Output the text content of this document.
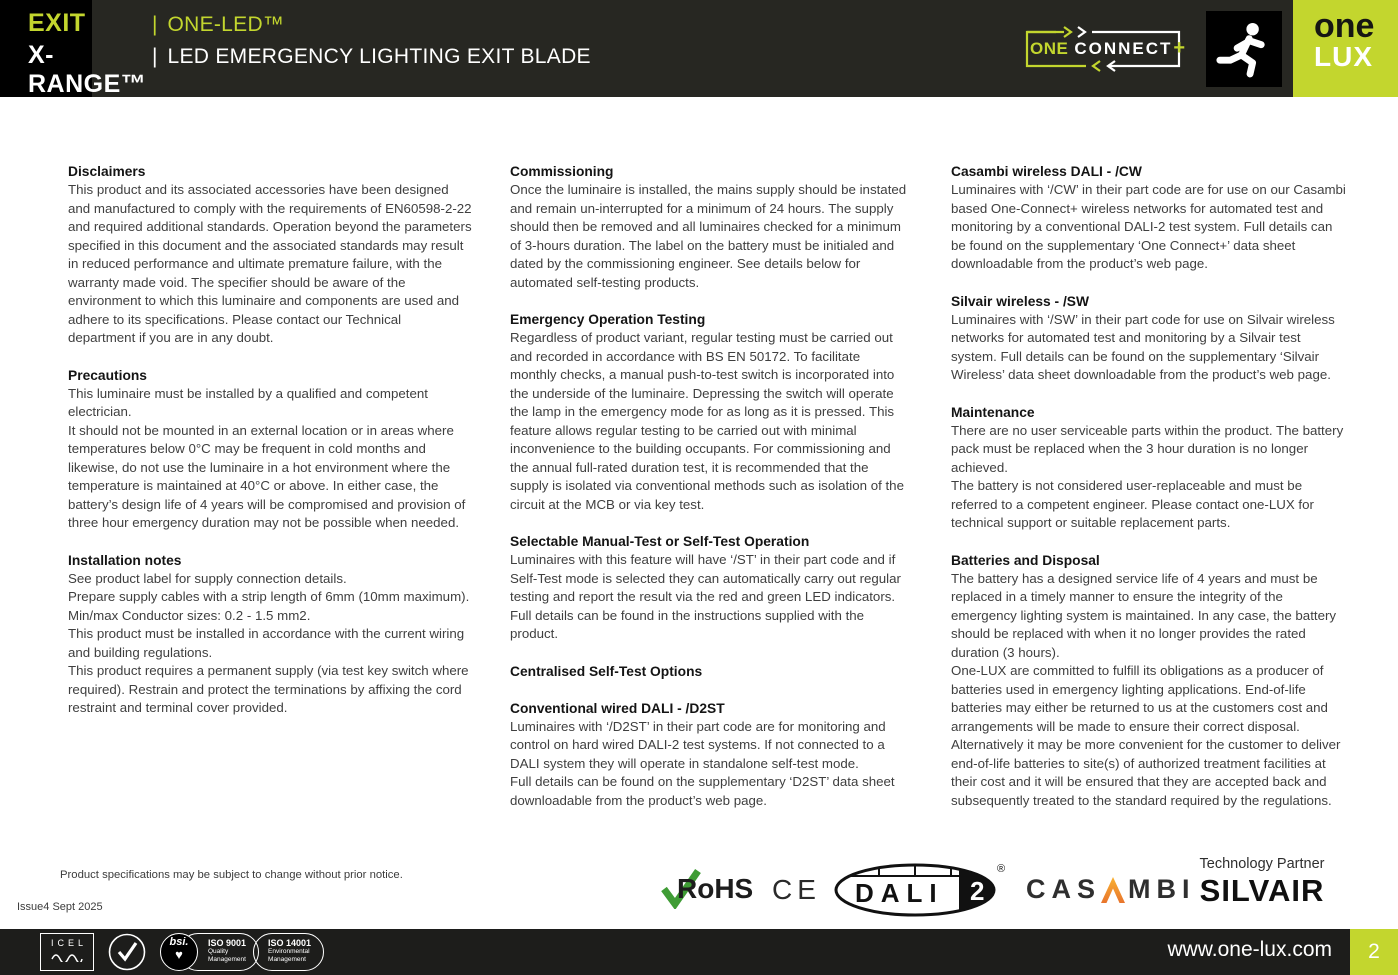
EXIT	| ONE-LED™
X-RANGE™
| LED EMERGENCY LIGHTING EXIT BLADE	ONE CONNECT +
one
LUX
Disclaimers

This product and its associated accessories have been designed and manufactured to comply with the requirements of EN60598-2-22 and required additional standards. Operation beyond the parameters specified in this document and the associated standards may result in reduced performance and ultimate premature failure, with the warranty made void. The specifier should be aware of the environment to which this luminaire and components are used and adhere to its specifications. Please contact our Technical department if you are in any doubt.

Precautions

This luminaire must be installed by a qualified and competent electrician.

It should not be mounted in an external location or in areas where temperatures below 0°C may be frequent in cold months and likewise, do not use the luminaire in a hot environment where the temperature is maintained at 40°C or above. In either case, the battery’s design life of 4 years will be compromised and provision of three hour emergency duration may not be possible when needed.

Installation notes

See product label for supply connection details.

Prepare supply cables with a strip length of 6mm (10mm maximum).

Min/max Conductor sizes: 0.2 - 1.5 mm2.

This product must be installed in accordance with the current wiring and building regulations.

This product requires a permanent supply (via test key switch where required). Restrain and protect the terminations by affixing the cord restraint and terminal cover provided.

Commissioning

Once the luminaire is installed, the mains supply should be instated and remain un-interrupted for a minimum of 24 hours. The supply should then be removed and all luminaires checked for a minimum of 3-hours duration. The label on the battery must be initialed and dated by the commissioning engineer. See details below for automated self-testing products.

Emergency Operation Testing

Regardless of product variant, regular testing must be carried out and recorded in accordance with BS EN 50172. To facilitate monthly checks, a manual push-to-test switch is incorporated into the underside of the luminaire. Depressing the switch will operate the lamp in the emergency mode for as long as it is pressed. This feature allows regular testing to be carried out with minimal inconvenience to the building occupants. For commissioning and the annual full-rated duration test, it is recommended that the supply is isolated via conventional methods such as isolation of the circuit at the MCB or via key test.

Selectable Manual-Test or Self-Test Operation

Luminaires with this feature will have ‘/ST’ in their part code and if Self-Test mode is selected they can automatically carry out regular testing and report the result via the red and green LED indicators. Full details can be found in the instructions supplied with the product.

Centralised Self-Test Options
Conventional wired DALI - /D2ST

Luminaires with ‘/D2ST’ in their part code are for monitoring and control on hard wired DALI-2 test systems. If not connected to a DALI system they will operate in standalone self-test mode.

Full details can be found on the supplementary ‘D2ST’ data sheet downloadable from the product’s web page.

Casambi wireless DALI - /CW

Luminaires with ‘/CW’ in their part code are for use on our Casambi based One-Connect+ wireless networks for automated test and monitoring by a conventional DALI-2 test system. Full details can be found on the supplementary ‘One Connect+’ data sheet downloadable from the product’s web page.

Silvair wireless - /SW

Luminaires with ‘/SW’ in their part code for use on Silvair wireless networks for automated test and monitoring by a Silvair test system. Full details can be found on the supplementary ‘Silvair Wireless’ data sheet downloadable from the product’s web page.

Maintenance

There are no user serviceable parts within the product. The battery pack must be replaced when the 3 hour duration is no longer achieved.

The battery is not considered user-replaceable and must be referred to a competent engineer. Please contact one-LUX for technical support or suitable replacement parts.

Batteries and Disposal

The battery has a designed service life of 4 years and must be replaced in a timely manner to ensure the integrity of the emergency lighting system is maintained. In any case, the battery should be replaced with when it no longer provides the rated duration (3 hours).

One-LUX are committed to fulfill its obligations as a producer of batteries used in emergency lighting applications. End-of-life batteries may either be returned to us at the customers cost and arrangements will be made to ensure their correct disposal. Alternatively it may be more convenient for the customer to deliver end-of-life batteries to site(s) of authorized treatment facilities at their cost and it will be ensured that they are accepted back and subsequently treated to the standard required by the regulations.

Product specifications may be subject to change without prior notice.
Issue4 Sept 2025
RoHS CE DALI 2
®
CAS MBI
Technology Partner
SILVAIR
ICEL	bsi.
♥
ISO 9001
Quality
Management
ISO 14001
Environmental
Management	www.one-lux.com	2
